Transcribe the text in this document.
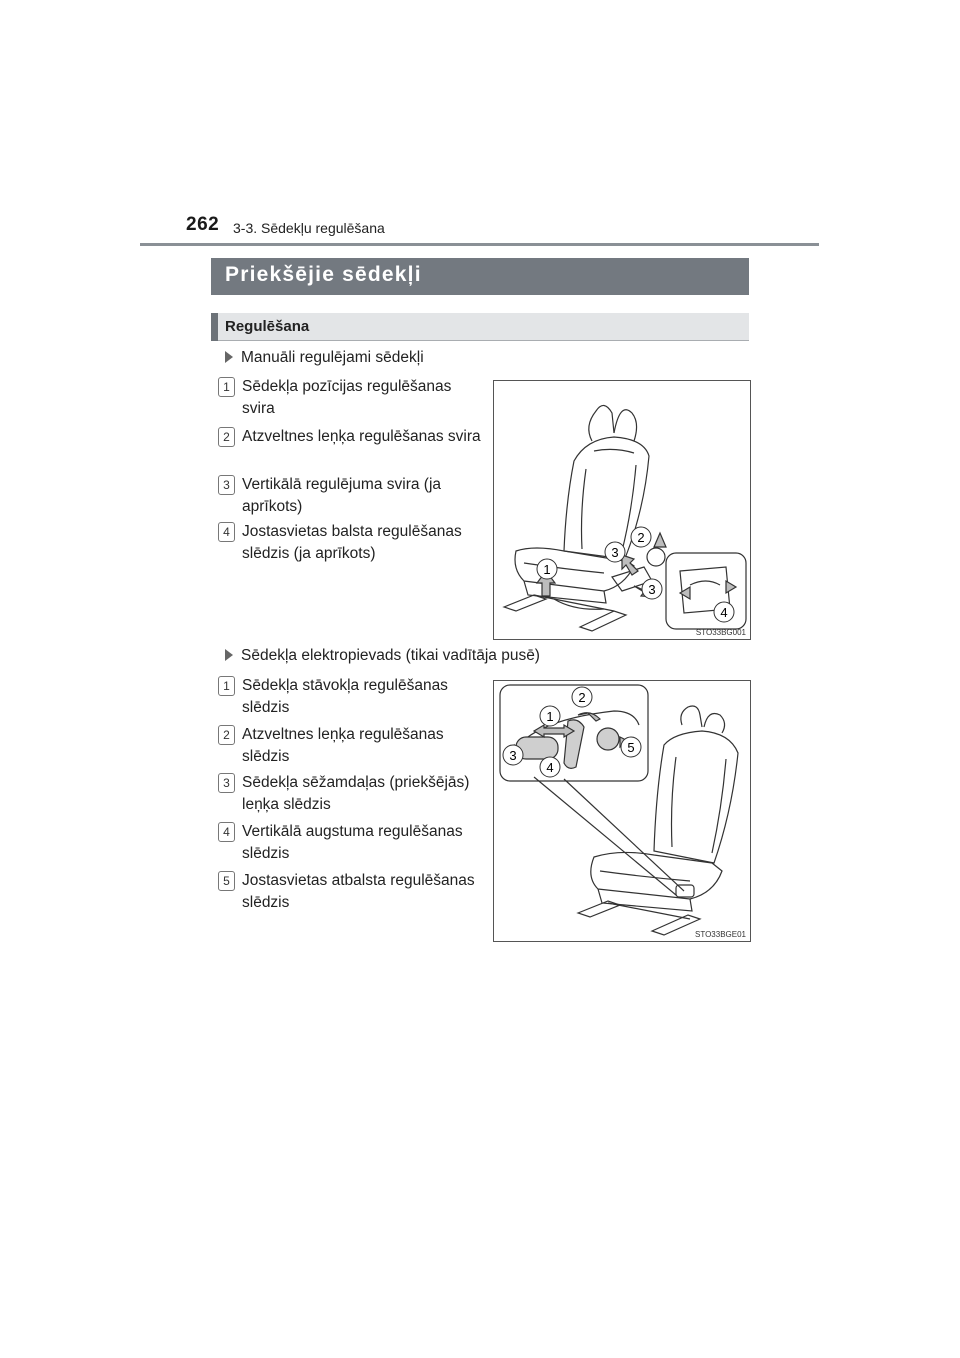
262 3-3. Sēdekļu regulēšana
Priekšējie sēdekļi
Regulēšana
Manuāli regulējami sēdekļi
1 Sēdekļa pozīcijas regulēšanas svira
2 Atzveltnes leņķa regulēšanas svira
3 Vertikālā regulējuma svira (ja aprīkots)
4 Jostasvietas balsta regulēšanas slēdzis (ja aprīkots)
1
2
3
3
4
STO33BG001
Sēdekļa elektropievads (tikai vadītāja pusē)
1 Sēdekļa stāvokļa regulēšanas slēdzis
2 Atzveltnes leņķa regulēšanas slēdzis
3 Sēdekļa sēžamdaļas (priekšējās) leņķa slēdzis
4 Vertikālā augstuma regulēšanas slēdzis
5 Jostasvietas atbalsta regulēšanas slēdzis
1
2
3
4
5
STO33BGE01
